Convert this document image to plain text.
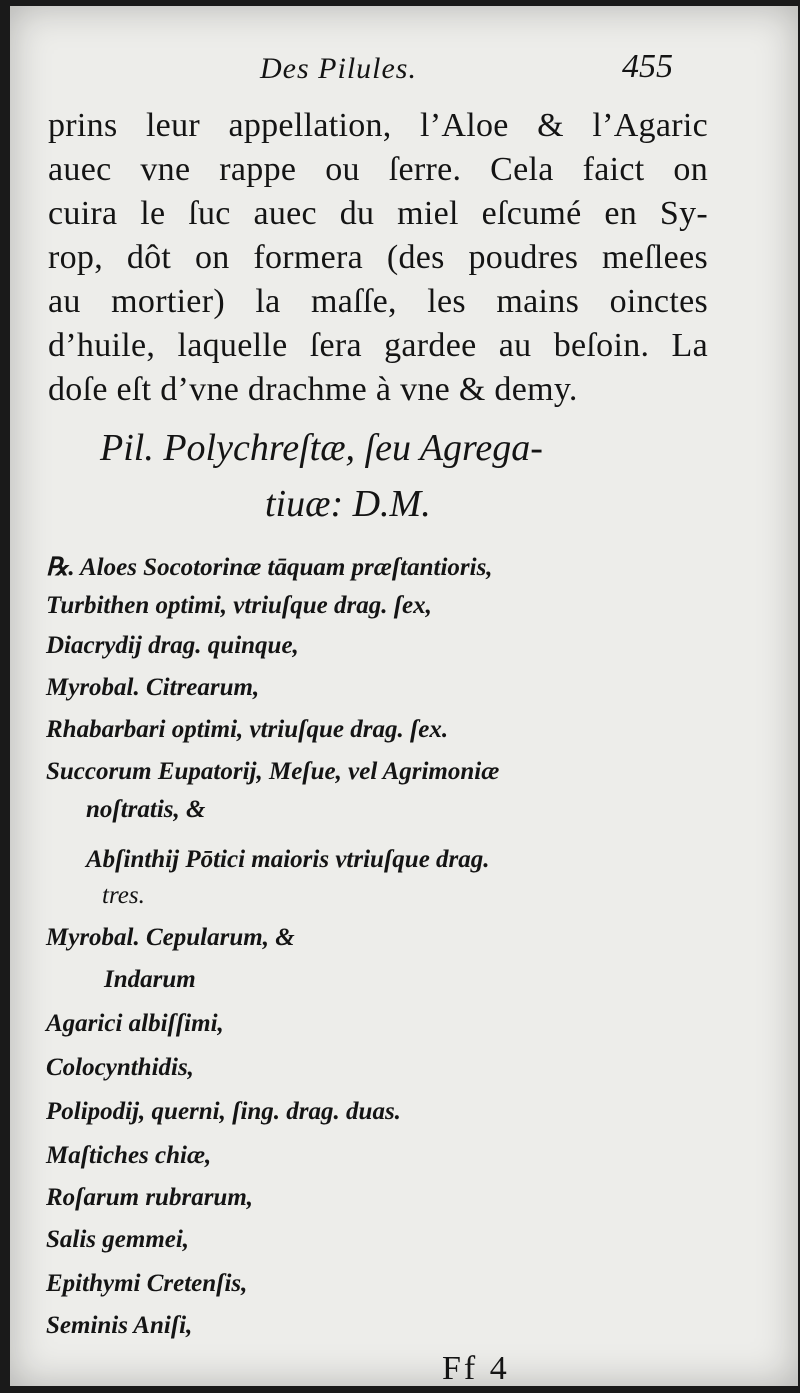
Des Pilules.	455
prins leur appellation, l’Aloe & l’Agaric
auec vne rappe ou ſerre. Cela faict on
cuira le ſuc auec du miel eſcumé en Sy-
rop, dôt on formera (des poudres meſlees
au mortier) la maſſe, les mains oinctes
d’huile, laquelle ſera gardee au beſoin. La
doſe eſt d’vne drachme à vne & demy.
Pil. Polychreſtæ, ſeu Agrega-
tiuæ: D.M.
℞. Aloes Socotorinæ tāquam præſtantioris,
Turbithen optimi, vtriuſque drag. ſex,
Diacrydij drag. quinque,
Myrobal. Citrearum,
Rhabarbari optimi, vtriuſque drag. ſex.
Succorum Eupatorij, Meſue, vel Agrimoniæ
noſtratis, &
Abſinthij Pōtici maioris vtriuſque drag.
tres.
Myrobal. Cepularum, &
Indarum
Agarici albiſſimi,
Colocynthidis,
Polipodij, querni, ſing. drag. duas.
Maſtiches chiæ,
Roſarum rubrarum,
Salis gemmei,
Epithymi Cretenſis,
Seminis Aniſi,
Ff 4
